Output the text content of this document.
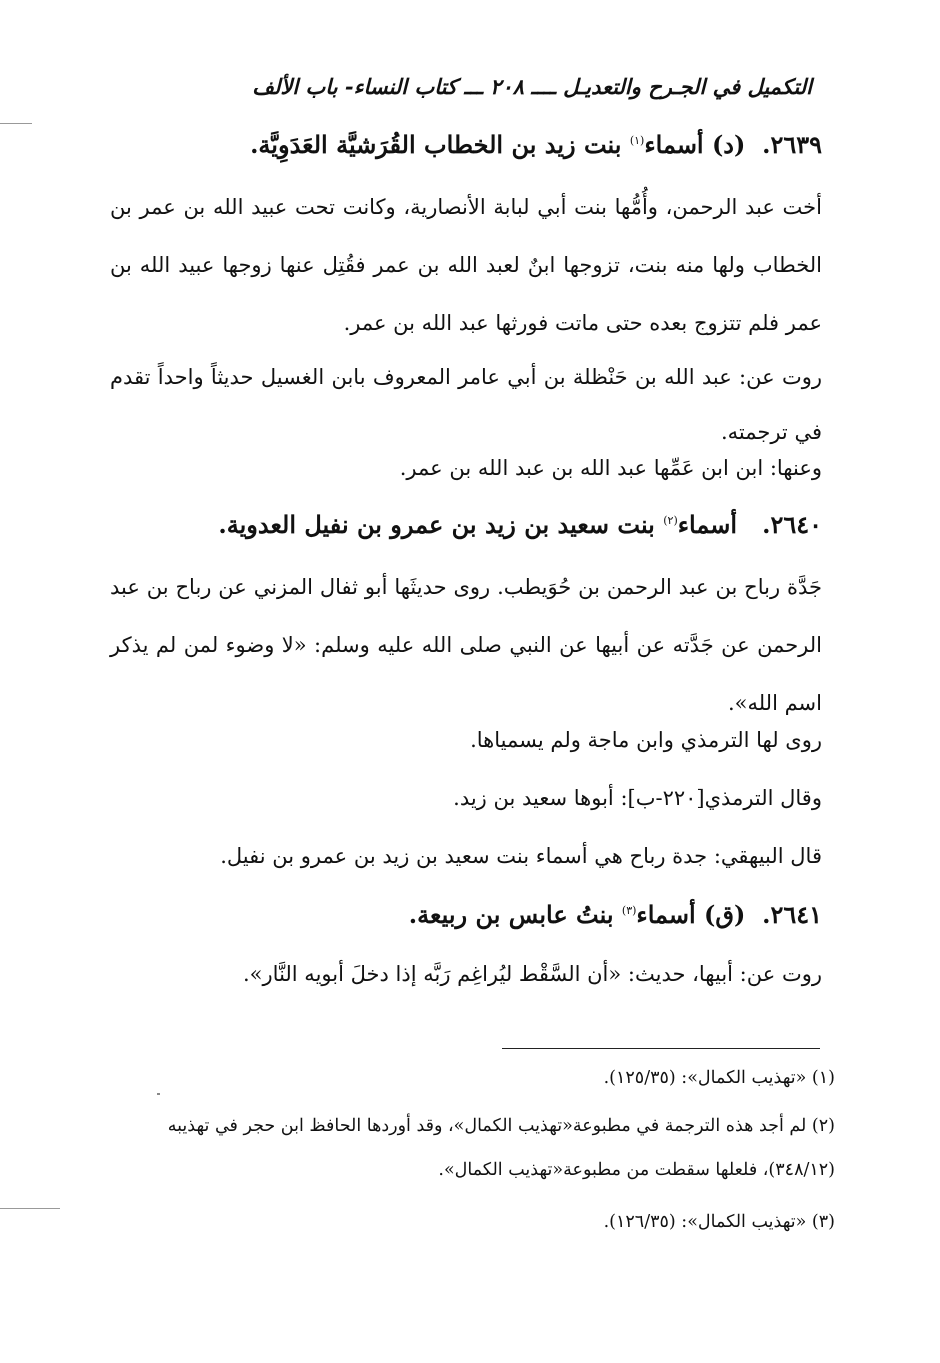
التكميل في الجـرح والتعديـل ــــ ٢٠٨ ـــ كتاب النساء- باب الألف
٢٦٣٩.  (د) أسماء$^{(١)}$ بنت زيد بن الخطاب القُرَشيَّة العَدَوِيَّة.
أخت عبد الرحمن، وأُمُّها بنت أبي لبابة الأنصارية، وكانت تحت عبيد الله بن عمر بن الخطاب ولها منه بنت، تزوجها ابنٌ لعبد الله بن عمر فقُتِل عنها زوجها عبيد الله بن عمر فلم تتزوج بعده حتى ماتت فورثها عبد الله بن عمر.
روت عن: عبد الله بن حَنْظلة بن أبي عامر المعروف بابن الغسيل حديثاً واحداً تقدم في ترجمته.
وعنها: ابن ابن عَمِّها عبد الله بن عبد الله بن عمر.
٢٦٤٠.   أسماء$^{(٢)}$ بنت سعيد بن زيد بن عمرو بن نفيل العدوية.
جَدَّة رباح بن عبد الرحمن بن حُوَيطب. روى حديثَها أبو ثفال المزني عن رباح بن عبد الرحمن عن جَدَّته عن أبيها عن النبي صلى الله عليه وسلم: «لا وضوء لمن لم يذكر اسم الله».
روى لها الترمذي وابن ماجة ولم يسمياها.
وقال الترمذي[٢٢٠-ب]: أبوها سعيد بن زيد.
قال البيهقي: جدة رباح هي أسماء بنت سعيد بن زيد بن عمرو بن نفيل.
٢٦٤١.  (ق) أسماء$^{(٣)}$ بنتُ عابس بن ربيعة.
روت عن: أبيها، حديث: «أن السَّقْط ليُراغِم رَبَّه إذا دخلَ أبويه النَّار».
(١) «تهذيب الكمال»: (١٢٥/٣٥).
(٢) لم أجد هذه الترجمة في مطبوعة«تهذيب الكمال»، وقد أوردها الحافظ ابن حجر في تهذيبه (٣٤٨/١٢)، فلعلها سقطت من مطبوعة«تهذيب الكمال».
(٣) «تهذيب الكمال»: (١٢٦/٣٥).
